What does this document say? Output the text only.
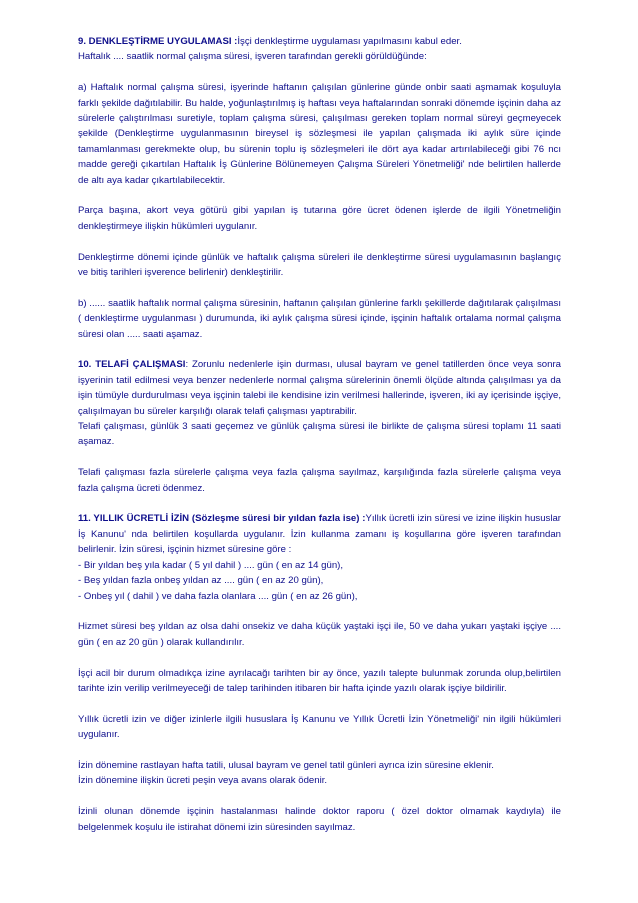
9. DENKLEŞTİRME UYGULAMASI :İşçi denkleştirme uygulaması yapılmasını kabul eder.
Haftalık .... saatlik normal çalışma süresi, işveren tarafından gerekli görüldüğünde:

a) Haftalık normal çalışma süresi, işyerinde haftanın çalışılan günlerine günde onbir saati aşmamak koşuluyla farklı şekilde dağıtılabilir. Bu halde, yoğunlaştırılmış iş haftası veya haftalarından sonraki dönemde işçinin daha az sürelerle çalıştırılması suretiyle, toplam çalışma süresi, çalışılması gereken toplam normal süreyi geçmeyecek şekilde (Denkleştirme uygulanmasının bireysel iş sözleşmesi ile yapılan çalışmada iki aylık süre içinde tamamlanması gerekmekte olup, bu sürenin toplu iş sözleşmeleri ile dört aya kadar artırılabileceği gibi 76 ncı madde gereği çıkartılan Haftalık İş Günlerine Bölünemeyen Çalışma Süreleri Yönetmeliği' nde belirtilen hallerde de altı aya kadar çıkartılabilecektir.

Parça başına, akort veya götürü gibi yapılan iş tutarına göre ücret ödenen işlerde de ilgili Yönetmeliğin denkleştirmeye ilişkin hükümleri uygulanır.

Denkleştirme dönemi içinde günlük ve haftalık çalışma süreleri ile denkleştirme süresi uygulamasının başlangıç ve bitiş tarihleri işverence belirlenir) denkleştirilir.

b) ...... saatlik haftalık normal çalışma süresinin, haftanın çalışılan günlerine farklı şekillerde dağıtılarak çalışılması ( denkleştirme uygulanması ) durumunda, iki aylık çalışma süresi içinde, işçinin haftalık ortalama normal çalışma süresi olan ..... saati aşamaz.

10. TELAFİ ÇALIŞMASI: Zorunlu nedenlerle işin durması, ulusal bayram ve genel tatillerden önce veya sonra işyerinin tatil edilmesi veya benzer nedenlerle normal çalışma sürelerinin önemli ölçüde altında çalışılması ya da işin tümüyle durdurulması veya işçinin talebi ile kendisine izin verilmesi hallerinde, işveren, iki ay içerisinde işçiye, çalışılmayan bu süreler karşılığı olarak telafi çalışması yaptırabilir.

Telafi çalışması, günlük 3 saati geçemez ve günlük çalışma süresi ile birlikte de çalışma süresi toplamı 11 saati aşamaz.

Telafi çalışması fazla sürelerle çalışma veya fazla çalışma sayılmaz, karşılığında fazla sürelerle çalışma veya fazla çalışma ücreti ödenmez.

11. YILLIK ÜCRETLİ İZİN (Sözleşme süresi bir yıldan fazla ise) :Yıllık ücretli izin süresi ve izine ilişkin hususlar İş Kanunu' nda belirtilen koşullarda uygulanır. İzin kullanma zamanı iş koşullarına göre işveren tarafından belirlenir. İzin süresi, işçinin hizmet süresine göre :

- Bir yıldan beş yıla kadar ( 5 yıl dahil ) .... gün ( en az 14 gün),
- Beş yıldan fazla onbeş yıldan az .... gün ( en az 20 gün),
- Onbeş yıl ( dahil ) ve daha fazla olanlara .... gün ( en az 26 gün),

Hizmet süresi beş yıldan az olsa dahi onsekiz ve daha küçük yaştaki işçi ile, 50 ve daha yukarı yaştaki işçiye .... gün ( en az 20 gün ) olarak kullandırılır.

İşçi acil bir durum olmadıkça izine ayrılacağı tarihten bir ay önce, yazılı talepte bulunmak zorunda olup,belirtilen tarihte izin verilip verilmeyeceği de talep tarihinden itibaren bir hafta içinde yazılı olarak işçiye bildirilir.

Yıllık ücretli izin ve diğer izinlerle ilgili hususlara İş Kanunu ve Yıllık Ücretli İzin Yönetmeliği' nin ilgili hükümleri uygulanır.

İzin dönemine rastlayan hafta tatili, ulusal bayram ve genel tatil günleri ayrıca izin süresine eklenir.
İzin dönemine ilişkin ücreti peşin veya avans olarak ödenir.

İzinli olunan dönemde işçinin hastalanması halinde doktor raporu ( özel doktor olmamak kaydıyla) ile belgelenmek koşulu ile istirahat dönemi izin süresinden sayılmaz.
